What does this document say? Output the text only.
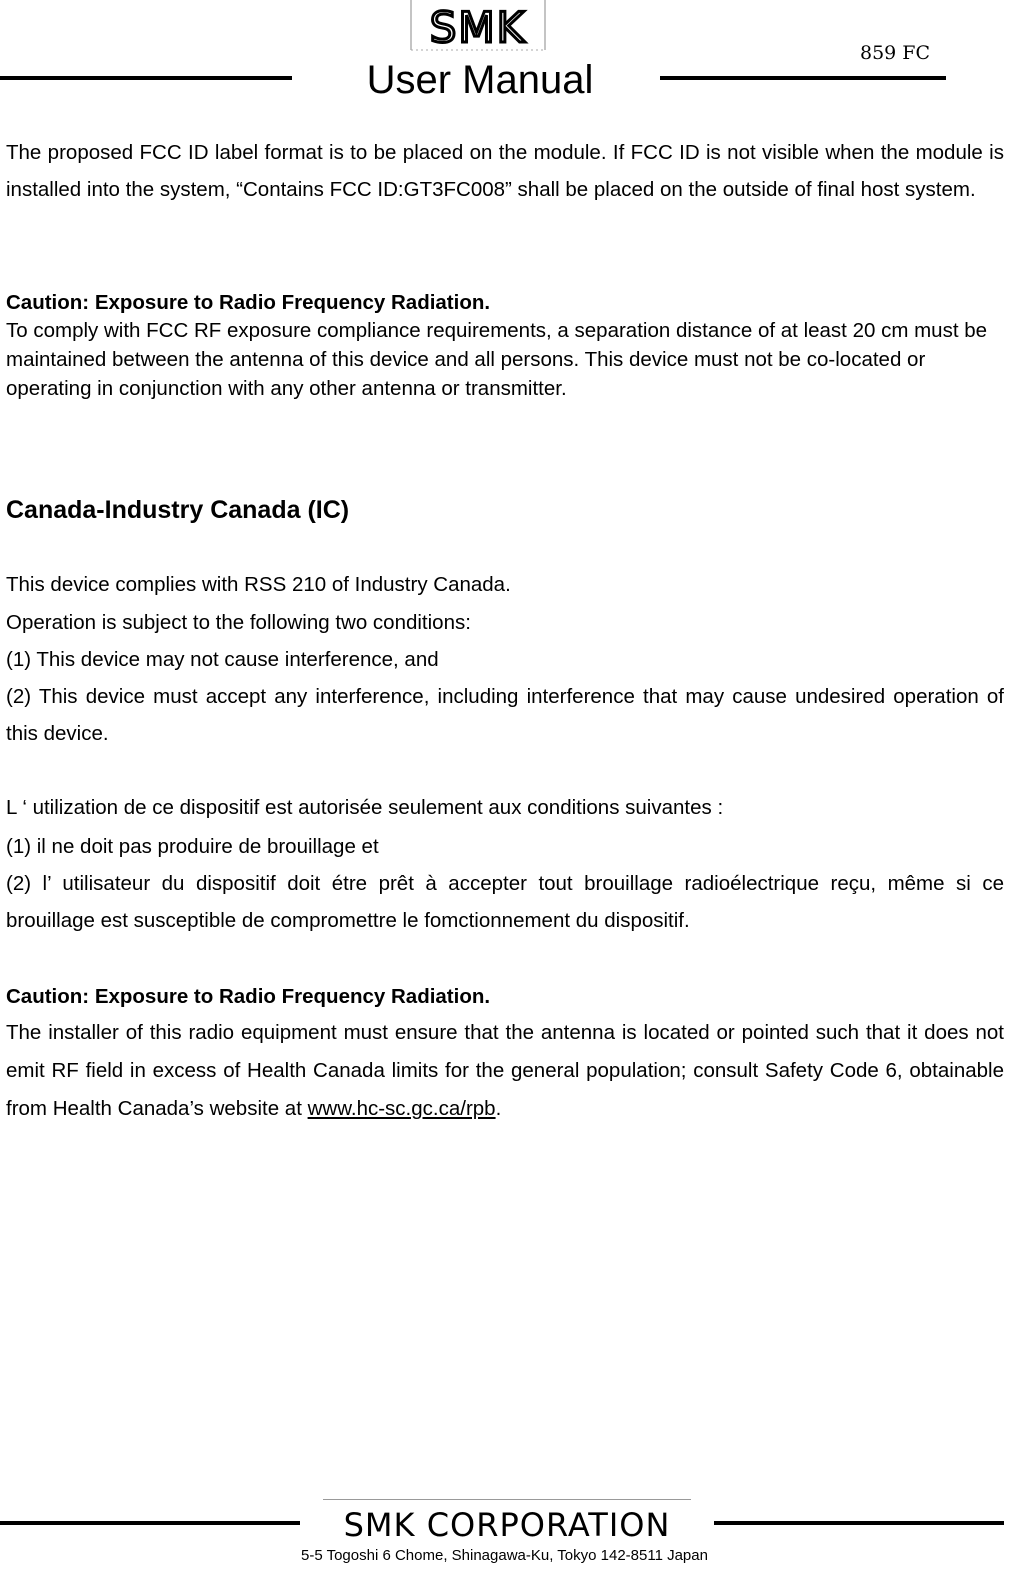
SMK
User Manual
859 FC

The proposed FCC ID label format is to be placed on the module. If FCC ID is not visible when the module is installed into the system, “Contains FCC ID:GT3FC008” shall be placed on the outside of final host system.

Caution: Exposure to Radio Frequency Radiation.

To comply with FCC RF exposure compliance requirements, a separation distance of at least 20 cm must be maintained between the antenna of this device and all persons. This device must not be co-located or operating in conjunction with any other antenna or transmitter.

Canada-Industry Canada (IC)

This device complies with RSS 210 of Industry Canada.

Operation is subject to the following two conditions:

(1) This device may not cause interference, and

(2) This device must accept any interference, including interference that may cause undesired operation of this device.

L ‘ utilization de ce dispositif est autorisée seulement aux conditions suivantes :

(1) il ne doit pas produire de brouillage et

(2) l’ utilisateur du dispositif doit étre prêt à accepter tout brouillage radioélectrique reçu, même si ce brouillage est susceptible de compromettre le fomctionnement du dispositif.

Caution: Exposure to Radio Frequency Radiation.

The installer of this radio equipment must ensure that the antenna is located or pointed such that it does not emit RF field in excess of Health Canada limits for the general population; consult Safety Code 6, obtainable from Health Canada’s website at www.hc-sc.gc.ca/rpb.

SMK CORPORATION
5-5 Togoshi 6 Chome, Shinagawa-Ku, Tokyo 142-8511 Japan
